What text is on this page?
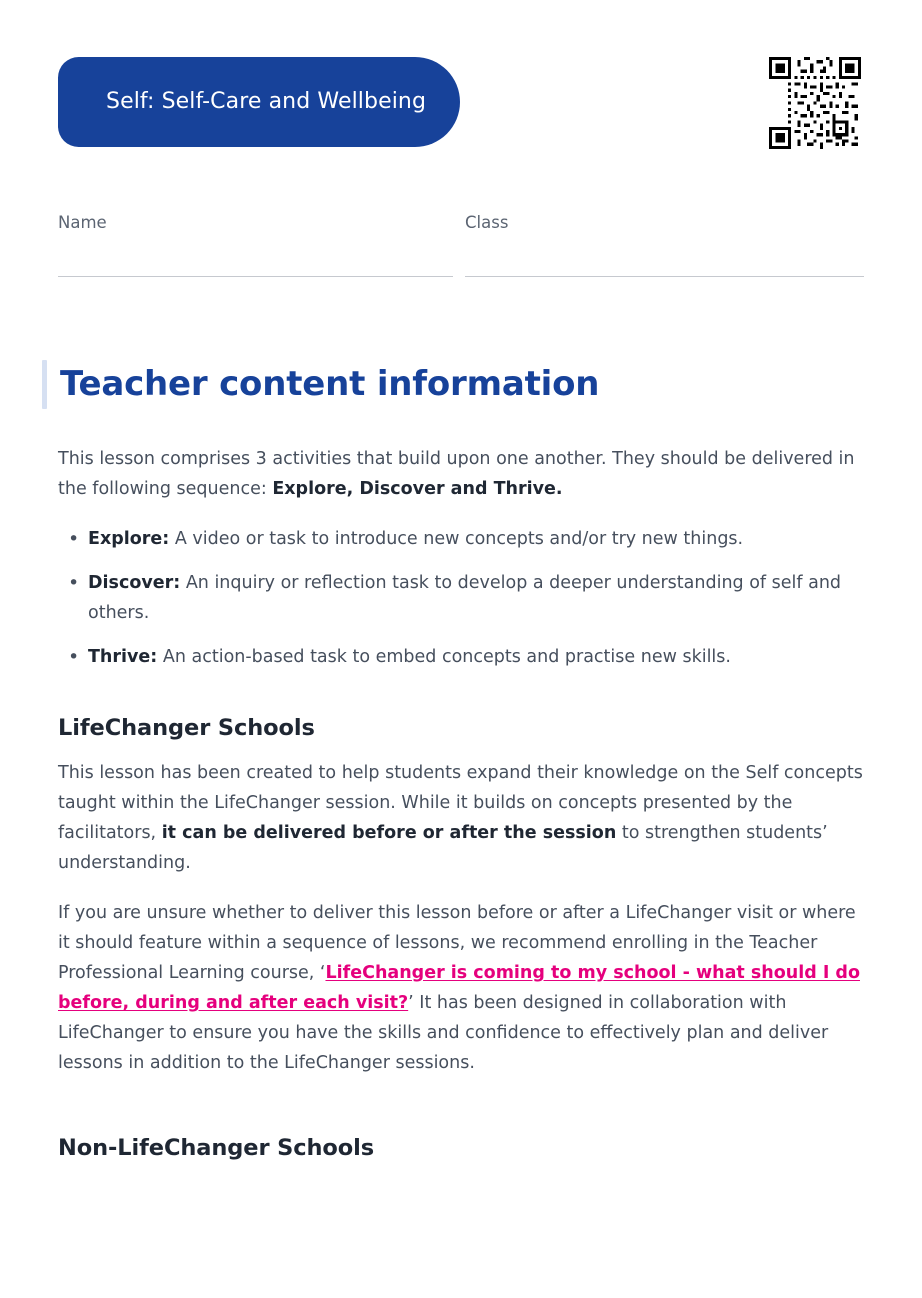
Self: Self-Care and Wellbeing
Name	Class
Teacher content information

This lesson comprises 3 activities that build upon one another. They should be delivered in the following sequence: Explore, Discover and Thrive.

• Explore: A video or task to introduce new concepts and/or try new things.
• Discover: An inquiry or reflection task to develop a deeper understanding of self and others.
• Thrive: An action-based task to embed concepts and practise new skills.
LifeChanger Schools

This lesson has been created to help students expand their knowledge on the Self concepts taught within the LifeChanger session. While it builds on concepts presented by the facilitators, it can be delivered before or after the session to strengthen students’ understanding.

If you are unsure whether to deliver this lesson before or after a LifeChanger visit or where it should feature within a sequence of lessons, we recommend enrolling in the Teacher Professional Learning course, ‘LifeChanger is coming to my school - what should I do before, during and after each visit?’ It has been designed in collaboration with LifeChanger to ensure you have the skills and confidence to effectively plan and deliver lessons in addition to the LifeChanger sessions.

Non-LifeChanger Schools
